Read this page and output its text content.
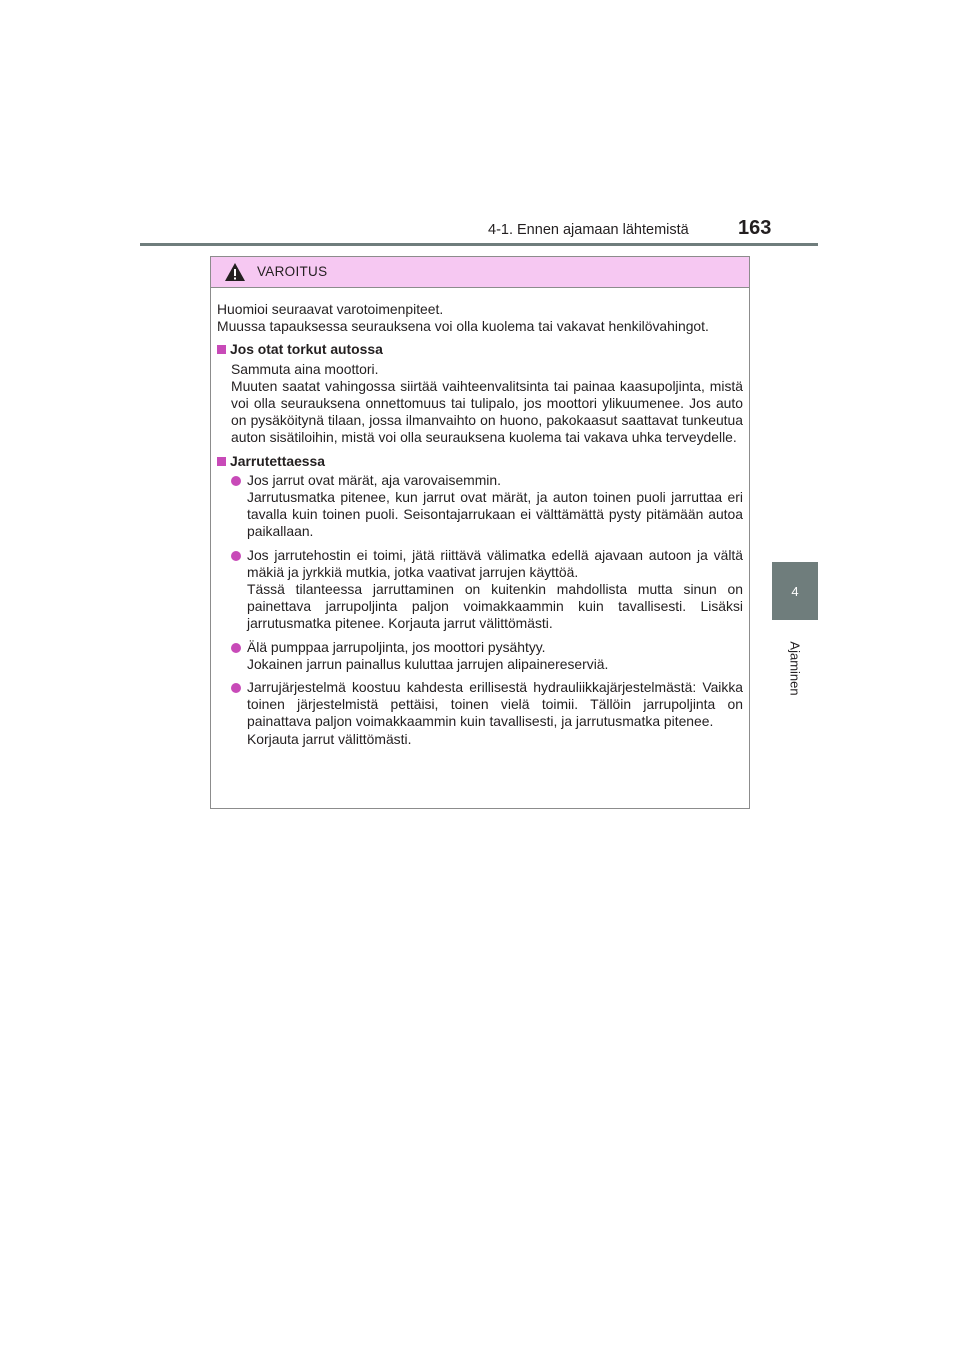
4-1. Ennen ajamaan lähtemistä 163
4
Ajaminen
VAROITUS

Huomioi seuraavat varotoimenpiteet.

Muussa tapauksessa seurauksena voi olla kuolema tai vakavat henkilövahingot.

Jos otat torkut autossa
Sammuta aina moottori.
Muuten saatat vahingossa siirtää vaihteenvalitsinta tai painaa kaasupoljinta, mistä voi olla seurauksena onnettomuus tai tulipalo, jos moottori ylikuumenee. Jos auto on pysäköitynä tilaan, jossa ilmanvaihto on huono, pakokaasut saattavat tunkeutua auton sisätiloihin, mistä voi olla seurauksena kuolema tai vakava uhka terveydelle.
Jarrutettaessa
Jos jarrut ovat märät, aja varovaisemmin.
Jarrutusmatka pitenee, kun jarrut ovat märät, ja auton toinen puoli jarruttaa eri tavalla kuin toinen puoli. Seisontajarrukaan ei välttämättä pysty pitämään autoa paikallaan.
Jos jarrutehostin ei toimi, jätä riittävä välimatka edellä ajavaan autoon ja vältä mäkiä ja jyrkkiä mutkia, jotka vaativat jarrujen käyttöä.
Tässä tilanteessa jarruttaminen on kuitenkin mahdollista mutta sinun on painettava jarrupoljinta paljon voimakkaammin kuin tavallisesti. Lisäksi jarrutusmatka pitenee. Korjauta jarrut välittömästi.
Älä pumppaa jarrupoljinta, jos moottori pysähtyy.
Jokainen jarrun painallus kuluttaa jarrujen alipainereserviä.
Jarrujärjestelmä koostuu kahdesta erillisestä hydrauliikkajärjestelmästä: Vaikka toinen järjestelmistä pettäisi, toinen vielä toimii. Tällöin jarrupoljinta on painattava paljon voimakkaammin kuin tavallisesti, ja jarrutusmatka pitenee.
Korjauta jarrut välittömästi.
